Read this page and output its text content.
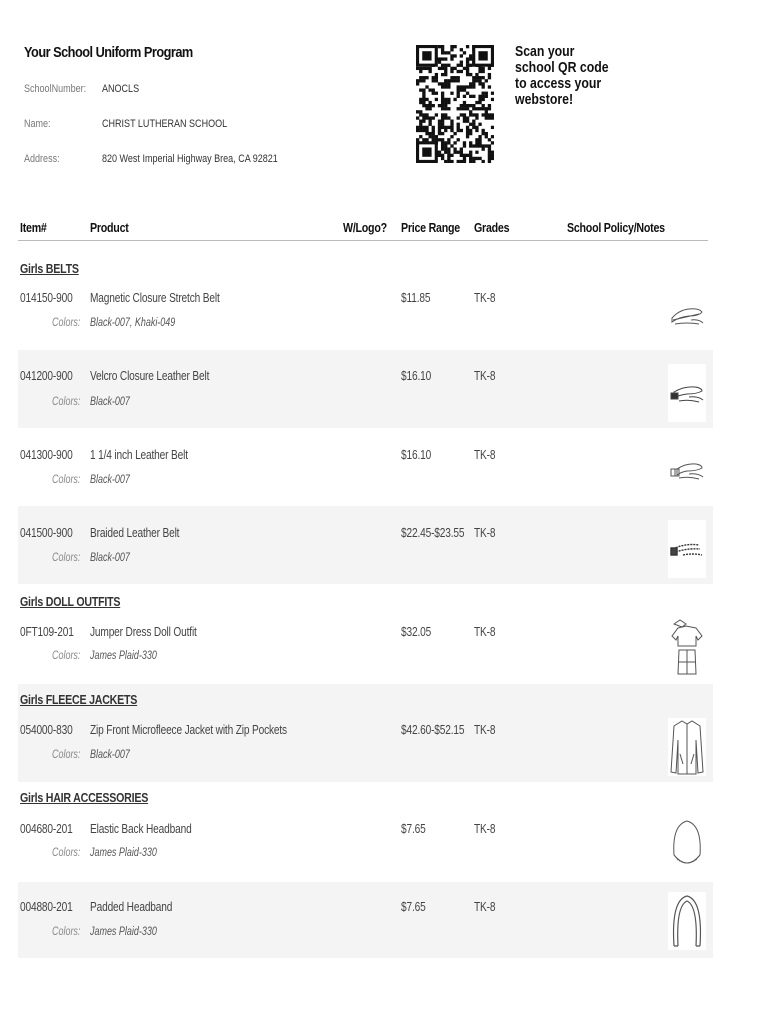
Your School Uniform Program
SchoolNumber: ANOCLS
Name:	CHRIST LUTHERAN SCHOOL
Address:	820 West Imperial Highway Brea, CA 92821
Scan your
school QR code
to access your
webstore!
Item#	Product	W/Logo? Price Range Grades	School Policy/Notes
Girls BELTS
014150-900 Magnetic Closure Stretch Belt	$11.85	TK-8
Colors: Black-007, Khaki-049
041200-900 Velcro Closure Leather Belt	$16.10	TK-8
Colors: Black-007
041300-900 1 1/4 inch Leather Belt	$16.10	TK-8
Colors: Black-007
041500-900 Braided Leather Belt	$22.45-$23.55 TK-8
Colors: Black-007
Girls DOLL OUTFITS
0FT109-201 Jumper Dress Doll Outfit	$32.05	TK-8
Colors: James Plaid-330
Girls FLEECE JACKETS
054000-830 Zip Front Microfleece Jacket with Zip Pockets	$42.60-$52.15 TK-8
Colors: Black-007
Girls HAIR ACCESSORIES
004680-201 Elastic Back Headband	$7.65	TK-8
Colors: James Plaid-330
004880-201 Padded Headband	$7.65	TK-8
Colors: James Plaid-330
